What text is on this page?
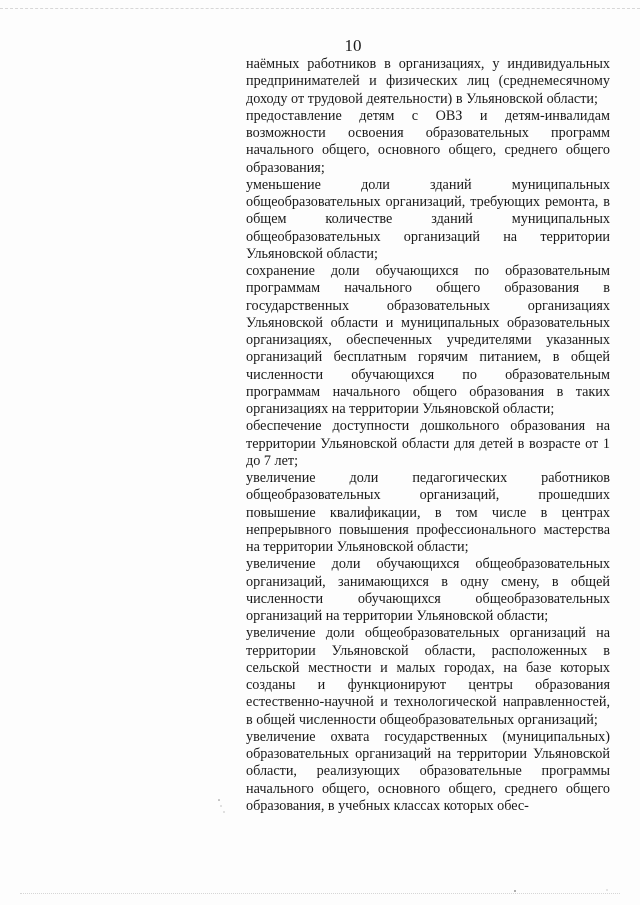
10

наёмных работников в организациях, у индивидуальных предпринимателей и физических лиц (среднемесячному доходу от трудовой деятельности) в Ульяновской области;

предоставление детям с ОВЗ и детям-инвалидам возможности освоения образовательных программ начального общего, основного общего, среднего общего образования;

уменьшение доли зданий муниципальных общеобразовательных организаций, требующих ремонта, в общем количестве зданий муниципальных общеобразовательных организаций на территории Ульяновской области;

сохранение доли обучающихся по образовательным программам начального общего образования в государственных образовательных организациях Ульяновской области и муниципальных образовательных организациях, обеспеченных учредителями указанных организаций бесплатным горячим питанием, в общей численности обучающихся по образовательным программам начального общего образования в таких организациях на территории Ульяновской области;

обеспечение доступности дошкольного образования на территории Ульяновской области для детей в возрасте от 1 до 7 лет;

увеличение доли педагогических работников общеобразовательных организаций, прошедших повышение квалификации, в том числе в центрах непрерывного повышения профессионального мастерства на территории Ульяновской области;

увеличение доли обучающихся общеобразовательных организаций, занимающихся в одну смену, в общей численности обучающихся общеобразовательных организаций на территории Ульяновской области;

увеличение доли общеобразовательных организаций на территории Ульяновской области, расположенных в сельской местности и малых городах, на базе которых созданы и функционируют центры образования естественно-научной и технологической направленностей, в общей численности общеобразовательных организаций;

увеличение охвата государственных (муниципальных) образовательных организаций на территории Ульяновской области, реализующих образовательные программы начального общего, основного общего, среднего общего образования, в учебных классах которых обес-
